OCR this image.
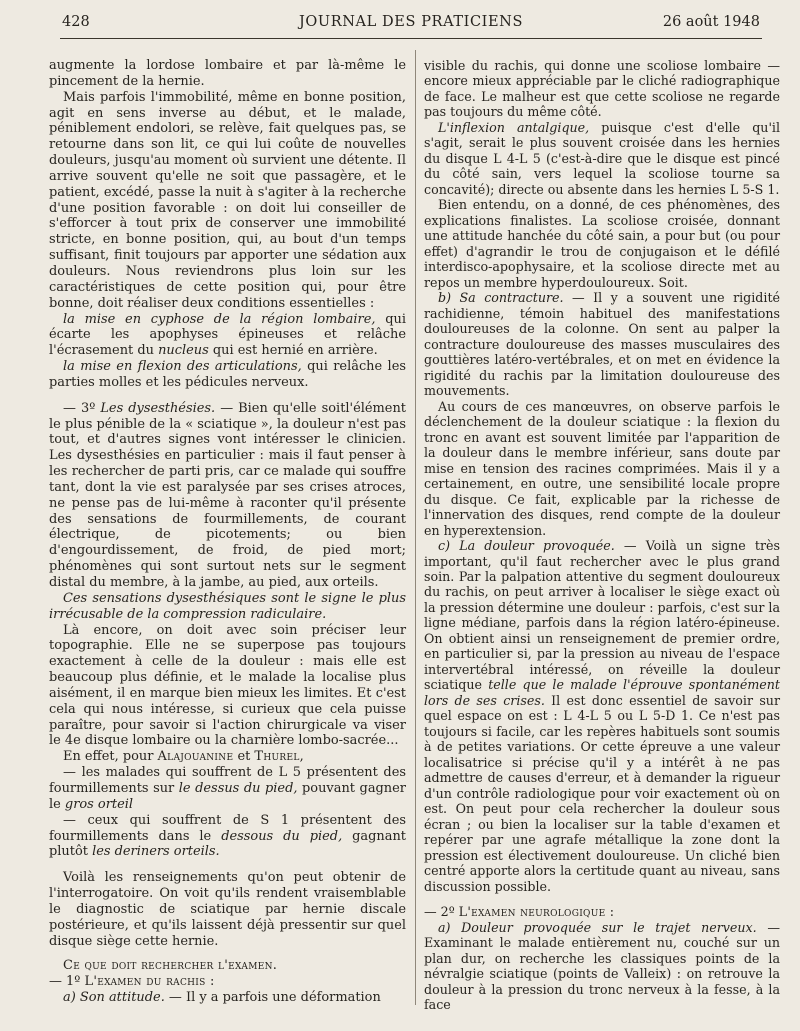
428	JOURNAL DES PRATICIENS	26 août 1948

augmente la lordose lombaire et par là-même le pincement de la hernie.

Mais parfois l'immobilité, même en bonne position, agit en sens inverse au début, et le malade, péniblement endolori, se relève, fait quelques pas, se retourne dans son lit, ce qui lui coûte de nouvelles douleurs, jusqu'au moment où survient une détente. Il arrive souvent qu'elle ne soit que passagère, et le patient, excédé, passe la nuit à s'agiter à la recherche d'une position favorable : on doit lui conseiller de s'efforcer à tout prix de conserver une immobilité stricte, en bonne position, qui, au bout d'un temps suffisant, finit toujours par apporter une sédation aux douleurs. Nous reviendrons plus loin sur les caractéristiques de cette position qui, pour être bonne, doit réaliser deux conditions essentielles :

la mise en cyphose de la région lombaire, qui écarte les apophyses épineuses et relâche l'écrasement du nucleus qui est hernié en arrière.

la mise en flexion des articulations, qui relâche les parties molles et les pédicules nerveux.

— 3º Les dysesthésies. — Bien qu'elle soitl'élément le plus pénible de la « sciatique », la douleur n'est pas tout, et d'autres signes vont intéresser le clinicien. Les dysesthésies en particulier : mais il faut penser à les rechercher de parti pris, car ce malade qui souffre tant, dont la vie est paralysée par ses crises atroces, ne pense pas de lui-même à raconter qu'il présente des sensations de fourmillements, de courant électrique, de picotements; ou bien d'engourdissement, de froid, de pied mort; phénomènes qui sont surtout nets sur le segment distal du membre, à la jambe, au pied, aux orteils.

Ces sensations dysesthésiques sont le signe le plus irrécusable de la compression radiculaire.

Là encore, on doit avec soin préciser leur topographie. Elle ne se superpose pas toujours exactement à celle de la douleur : mais elle est beaucoup plus définie, et le malade la localise plus aisément, il en marque bien mieux les limites. Et c'est cela qui nous intéresse, si curieux que cela puisse paraître, pour savoir si l'action chirurgicale va viser le 4e disque lombaire ou la charnière lombo-sacrée...

En effet, pour Alajouanine et Thurel,

— les malades qui souffrent de L 5 présentent des fourmillements sur le dessus du pied, pouvant gagner le gros orteil

— ceux qui souffrent de S 1 présentent des fourmillements dans le dessous du pied, gagnant plutôt les deriners orteils.

Voilà les renseignements qu'on peut obtenir de l'interrogatoire. On voit qu'ils rendent vraisemblable le diagnostic de sciatique par hernie discale postérieure, et qu'ils laissent déjà pressentir sur quel disque siège cette hernie.

Ce que doit rechercher l'examen.

— 1º L'examen du rachis :

a) Son attitude. — Il y a parfois une déformation

visible du rachis, qui donne une scoliose lombaire — encore mieux appréciable par le cliché radiographique de face. Le malheur est que cette scoliose ne regarde pas toujours du même côté.

L'inflexion antalgique, puisque c'est d'elle qu'il s'agit, serait le plus souvent croisée dans les hernies du disque L 4-L 5 (c'est-à-dire que le disque est pincé du côté sain, vers lequel la scoliose tourne sa concavité); directe ou absente dans les hernies L 5-S 1.

Bien entendu, on a donné, de ces phénomènes, des explications finalistes. La scoliose croisée, donnant une attitude hanchée du côté sain, a pour but (ou pour effet) d'agrandir le trou de conjugaison et le défilé interdisco-apophysaire, et la scoliose directe met au repos un membre hyperdouloureux. Soit.

b) Sa contracture. — Il y a souvent une rigidité rachidienne, témoin habituel des manifestations douloureuses de la colonne. On sent au palper la contracture douloureuse des masses musculaires des gouttières latéro-vertébrales, et on met en évidence la rigidité du rachis par la limitation douloureuse des mouvements.

Au cours de ces manœuvres, on observe parfois le déclenchement de la douleur sciatique : la flexion du tronc en avant est souvent limitée par l'apparition de la douleur dans le membre inférieur, sans doute par mise en tension des racines comprimées. Mais il y a certainement, en outre, une sensibilité locale propre du disque. Ce fait, explicable par la richesse de l'innervation des disques, rend compte de la douleur en hyperextension.

c) La douleur provoquée. — Voilà un signe très important, qu'il faut rechercher avec le plus grand soin. Par la palpation attentive du segment douloureux du rachis, on peut arriver à localiser le siège exact où la pression détermine une douleur : parfois, c'est sur la ligne médiane, parfois dans la région latéro-épineuse. On obtient ainsi un renseignement de premier ordre, en particulier si, par la pression au niveau de l'espace intervertébral intéressé, on réveille la douleur sciatique telle que le malade l'éprouve spontanément lors de ses crises. Il est donc essentiel de savoir sur quel espace on est : L 4-L 5 ou L 5-D 1. Ce n'est pas toujours si facile, car les repères habituels sont soumis à de petites variations. Or cette épreuve a une valeur localisatrice si précise qu'il y a intérêt à ne pas admettre de causes d'erreur, et à demander la rigueur d'un contrôle radiologique pour voir exactement où on est. On peut pour cela rechercher la douleur sous écran ; ou bien la localiser sur la table d'examen et repérer par une agrafe métallique la zone dont la pression est électivement douloureuse. Un cliché bien centré apporte alors la certitude quant au niveau, sans discussion possible.

— 2º L'examen neurologique :

a) Douleur provoquée sur le trajet nerveux. — Examinant le malade entièrement nu, couché sur un plan dur, on recherche les classiques points de la névralgie sciatique (points de Valleix) : on retrouve la douleur à la pression du tronc nerveux à la fesse, à la face
